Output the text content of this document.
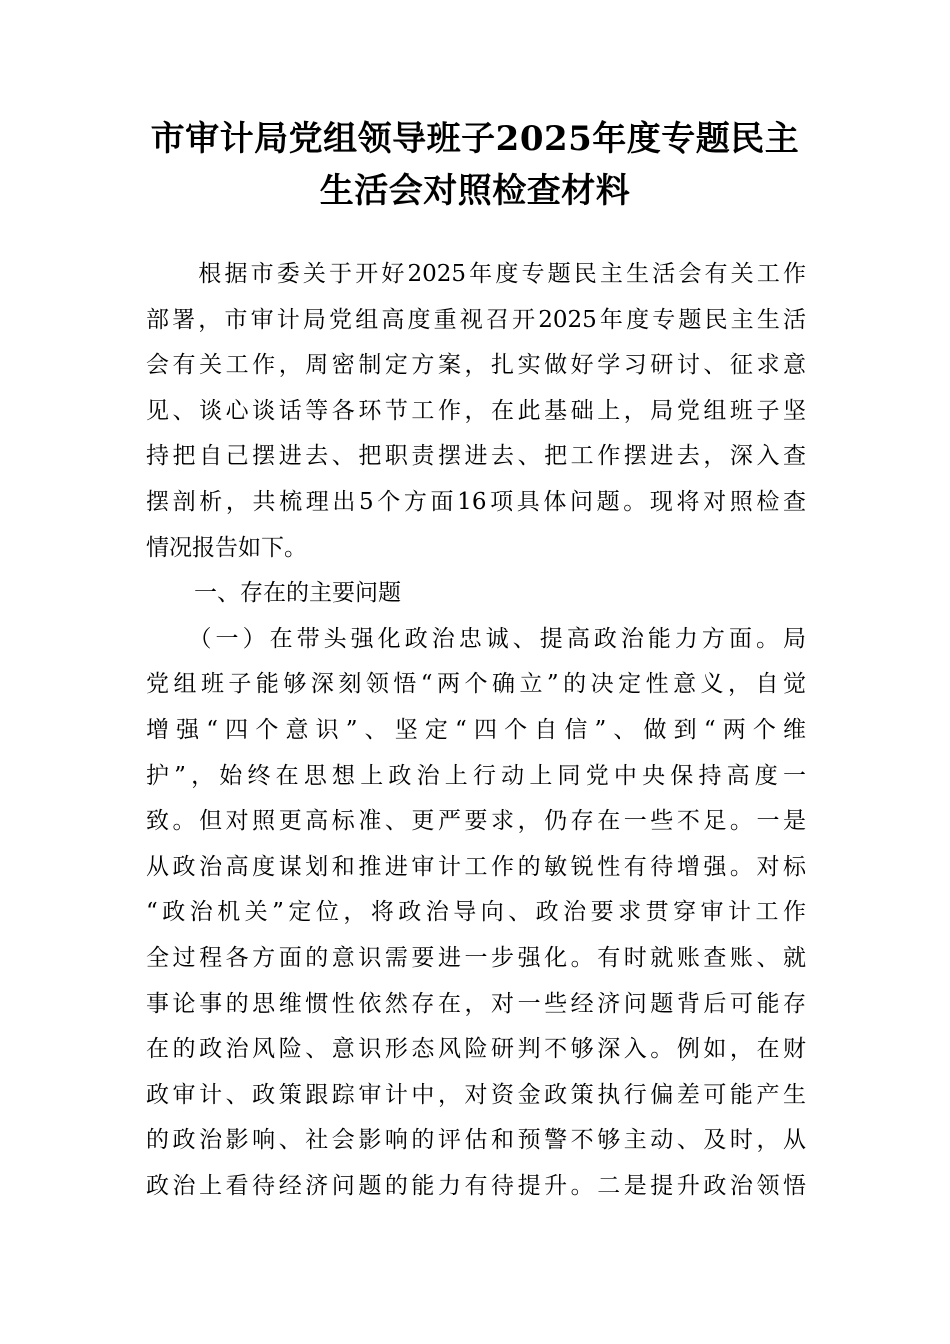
市审计局党组领导班子2025年度专题民主
生活会对照检查材料
　　根据市委关于开好2025年度专题民主生活会有关工作
部署，市审计局党组高度重视召开2025年度专题民主生活
会有关工作，周密制定方案，扎实做好学习研讨、征求意
见、谈心谈话等各环节工作，在此基础上，局党组班子坚
持把自己摆进去、把职责摆进去、把工作摆进去，深入查
摆剖析，共梳理出5个方面16项具体问题。现将对照检查
情况报告如下。
一、存在的主要问题
　　（一）在带头强化政治忠诚、提高政治能力方面。局
党组班子能够深刻领悟“两个确立”的决定性意义，自觉
增强“四个意识”、坚定“四个自信”、做到“两个维
护”，始终在思想上政治上行动上同党中央保持高度一
致。但对照更高标准、更严要求，仍存在一些不足。一是
从政治高度谋划和推进审计工作的敏锐性有待增强。对标
“政治机关”定位，将政治导向、政治要求贯穿审计工作
全过程各方面的意识需要进一步强化。有时就账查账、就
事论事的思维惯性依然存在，对一些经济问题背后可能存
在的政治风险、意识形态风险研判不够深入。例如，在财
政审计、政策跟踪审计中，对资金政策执行偏差可能产生
的政治影响、社会影响的评估和预警不够主动、及时，从
政治上看待经济问题的能力有待提升。二是提升政治领悟
